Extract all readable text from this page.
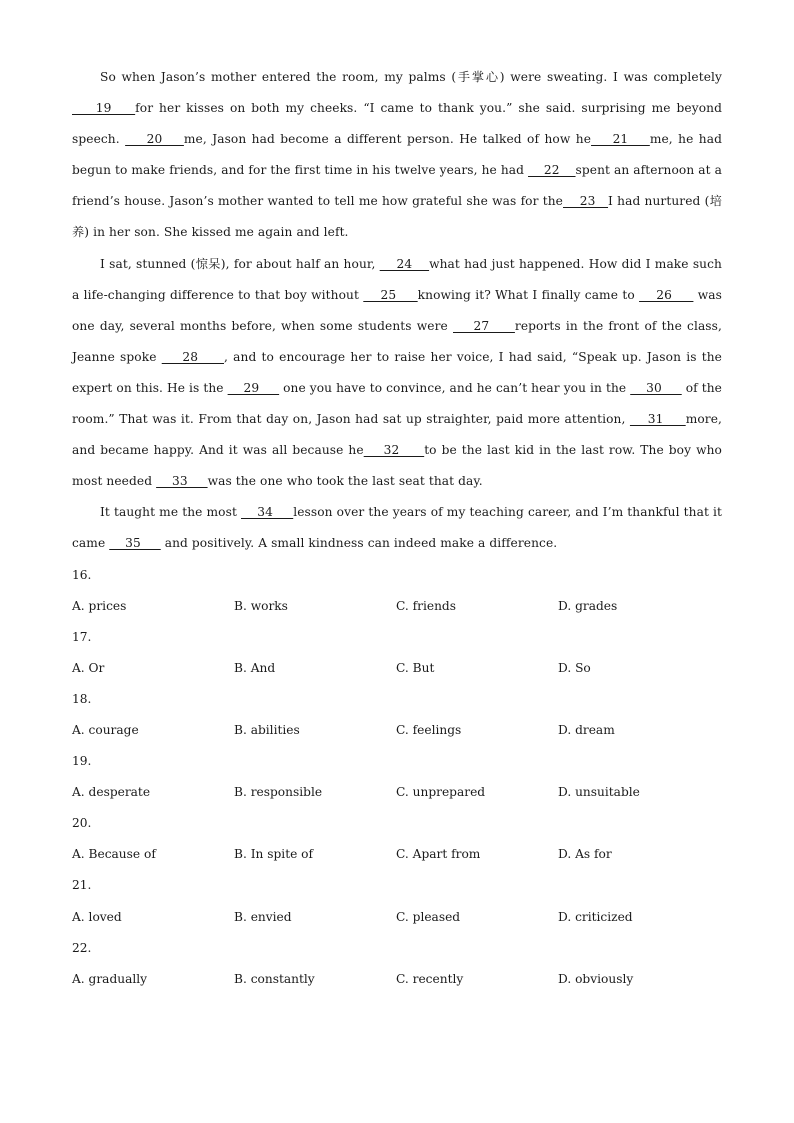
So when Jason’s mother entered the room, my palms (手掌心) were sweating. I was completely     19    for her kisses on both my cheeks. “I came to thank you.” she said. surprising me beyond speech.     20    me, Jason had become a different person. He talked of how he    21    me, he had begun to make friends, and for the first time in his twelve years, he had     22    spent an afternoon at a friend’s house. Jason’s mother wanted to tell me how grateful she was for the    23   I had nurtured (培养) in her son. She kissed me again and left.

I sat, stunned (惊呆), for about half an hour,     24    what had just happened. How did I make such a life-changing difference to that boy without     25     knowing it? What I finally came to     26      was one day, several months before, when some students were     27     reports in the front of the class, Jeanne spoke     28     , and to encourage her to raise her voice, I had said, “Speak up. Jason is the expert on this. He is the     29      one you have to convince, and he can’t hear you in the     30      of the room.” That was it. From that day on, Jason had sat up straighter, paid more attention,     31     more, and became happy. And it was all because he    32     to be the last kid in the last row. The boy who most needed     33     was the one who took the last seat that day.

It taught me the most     34     lesson over the years of my teaching career, and I’m thankful that it came     35      and positively. A small kindness can indeed make a difference.

16.
A. prices	B. works	C. friends	D. grades
17.
A. Or	B. And	C. But	D. So
18.
A. courage	B. abilities	C. feelings	D. dream
19.
A. desperate	B. responsible	C. unprepared	D. unsuitable
20.
A. Because of	B. In spite of	C. Apart from	D. As for
21.
A. loved	B. envied	C. pleased	D. criticized
22.
A. gradually	B. constantly	C. recently	D. obviously
